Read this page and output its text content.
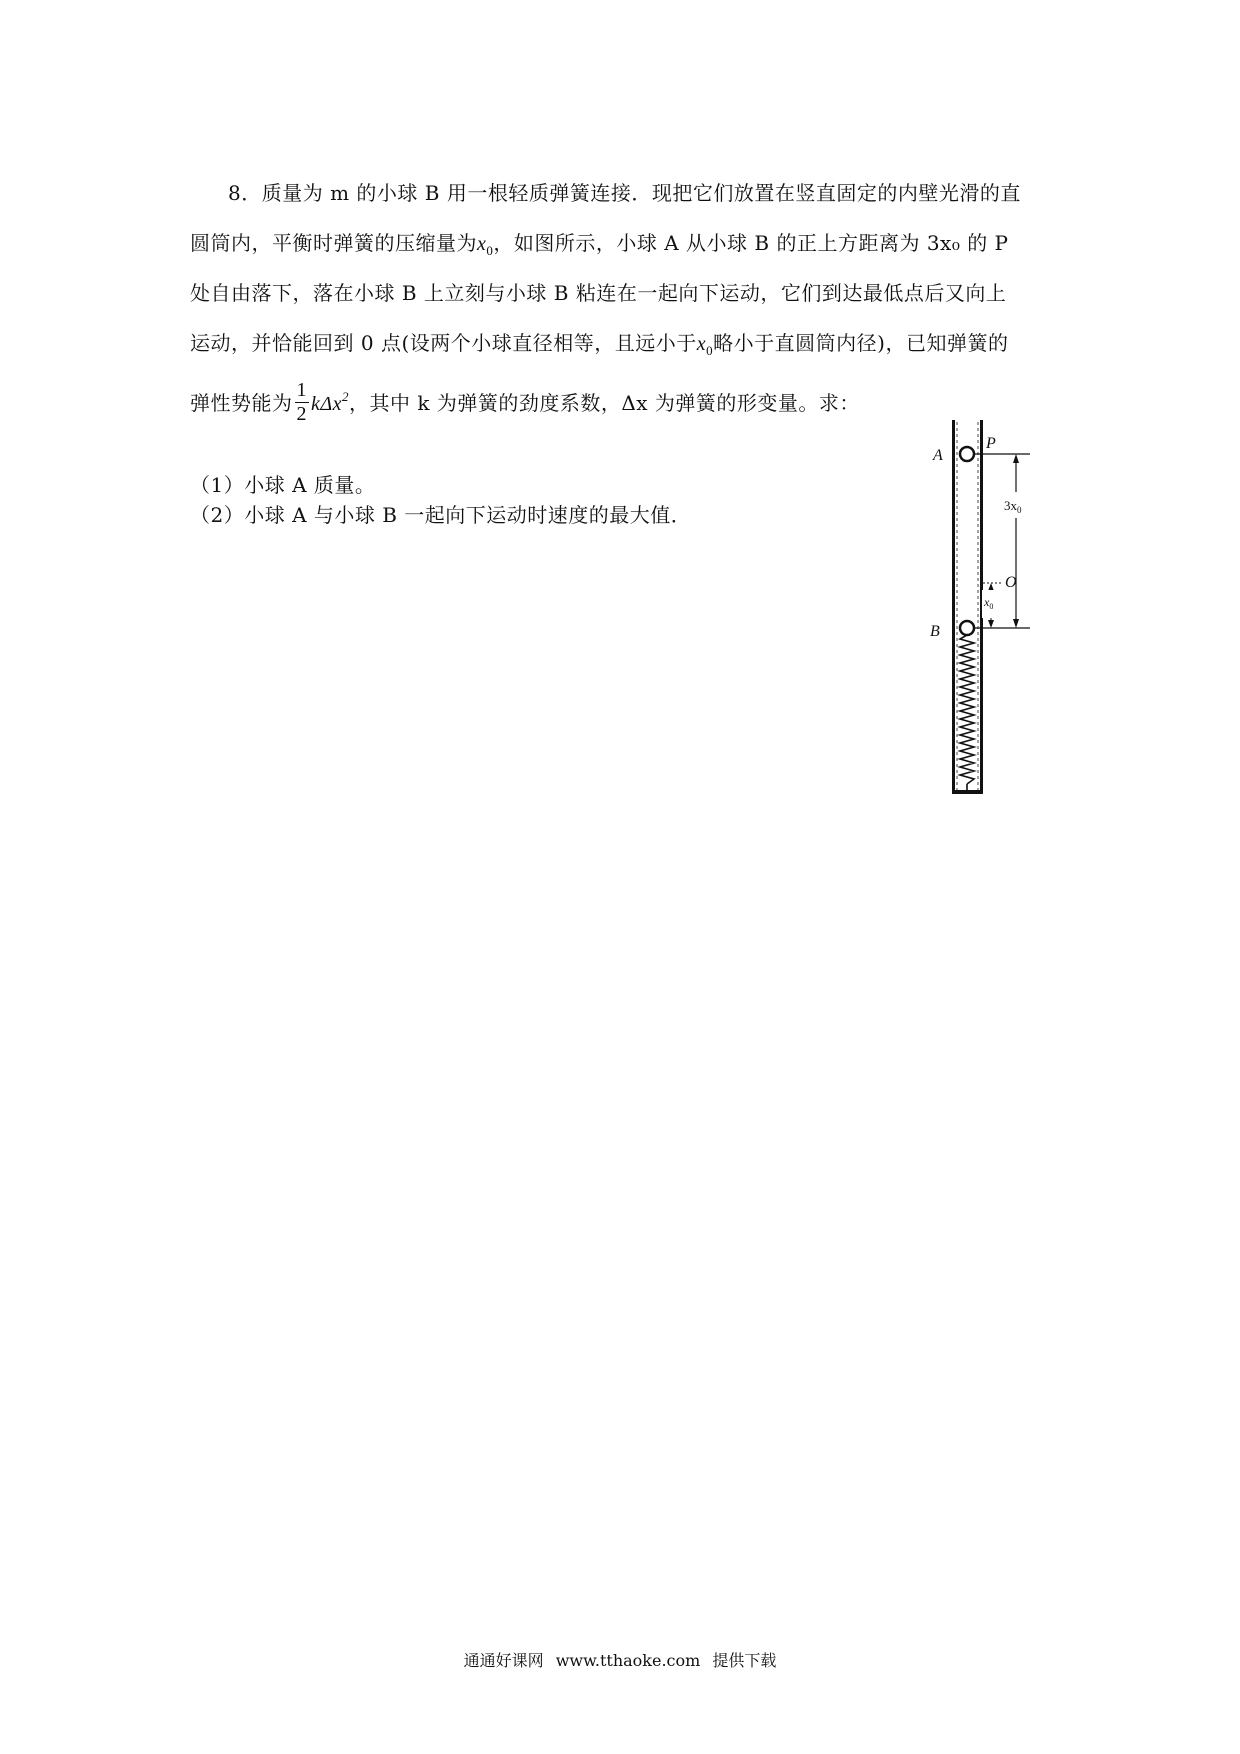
8．质量为 m 的小球 B 用一根轻质弹簧连接．现把它们放置在竖直固定的内壁光滑的直
圆筒内，平衡时弹簧的压缩量为$x_0$，如图所示，小球 A 从小球 B 的正上方距离为 3x₀ 的 P
处自由落下，落在小球 B 上立刻与小球 B 粘连在一起向下运动，它们到达最低点后又向上
运动，并恰能回到 0 点(设两个小球直径相等，且远小于$x_0$略小于直圆筒内径)，已知弹簧的
弹性势能为 $\frac{1}{2} k\Delta x^2$，其中 k 为弹簧的劲度系数，Δx 为弹簧的形变量。求：
（1）小球 A 质量。
（2）小球 A 与小球 B 一起向下运动时速度的最大值．
A
B
P
O
$3x_0$
$x_0$
通通好课网 www.tthaoke.com 提供下载
